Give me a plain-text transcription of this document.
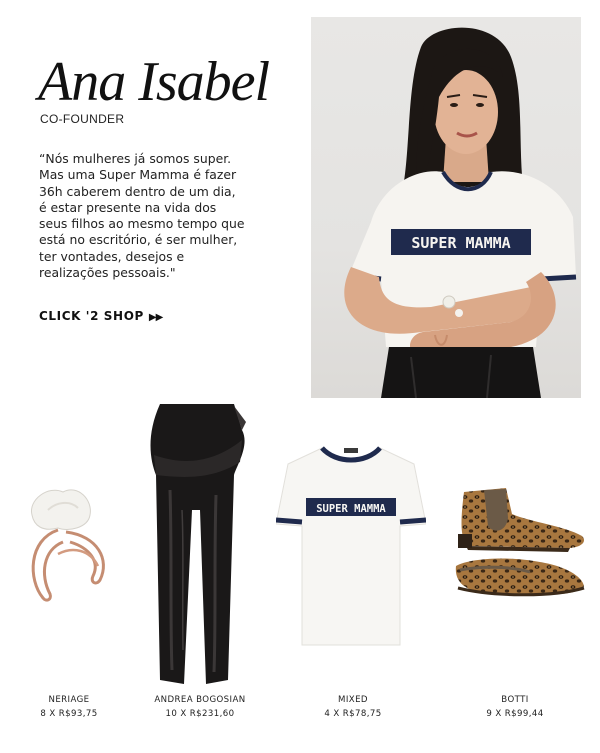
Ana Isabel
CO-FOUNDER
“Nós mulheres já somos super.
Mas uma Super Mamma é fazer
36h caberem dentro de um dia,
é estar presente na vida dos
seus filhos ao mesmo tempo que
está no escritório, é ser mulher,
ter vontades, desejos e
realizações pessoais."
CLICK '2 SHOP ▶▶
SUPER MAMMA
NERIAGE
8 X R$93,75
ANDREA BOGOSIAN
10 X R$231,60
SUPER MAMMA
MIXED
4 X R$78,75
BOTTI
9 X R$99,44
